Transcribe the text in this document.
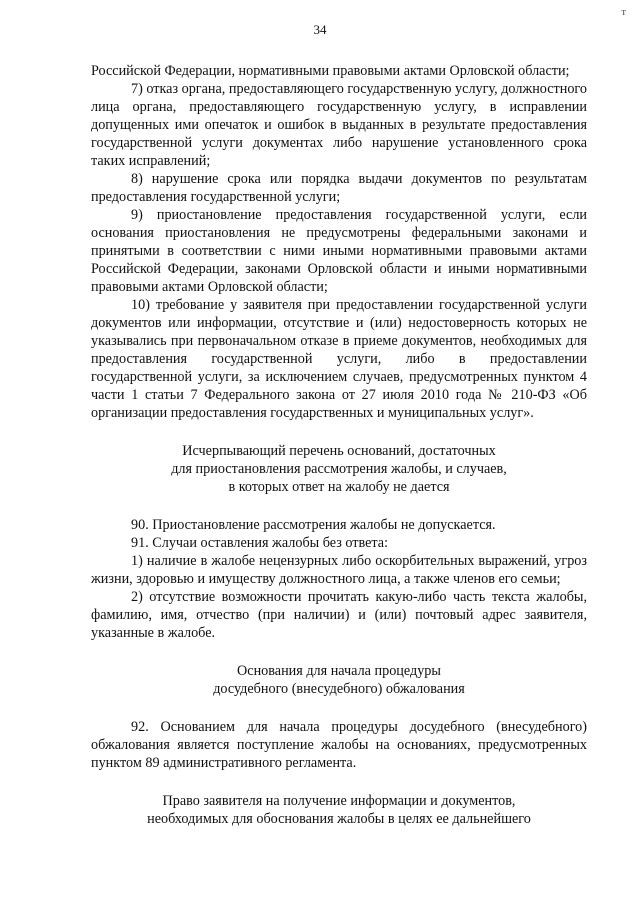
т
34

Российской Федерации, нормативными правовыми актами Орловской области;

7) отказ органа, предоставляющего государственную услугу, должностного лица органа, предоставляющего государственную услугу, в исправлении допущенных ими опечаток и ошибок в выданных в результате предоставления государственной услуги документах либо нарушение установленного срока таких исправлений;

8) нарушение срока или порядка выдачи документов по результатам предоставления государственной услуги;

9) приостановление предоставления государственной услуги, если основания приостановления не предусмотрены федеральными законами и принятыми в соответствии с ними иными нормативными правовыми актами Российской Федерации, законами Орловской области и иными нормативными правовыми актами Орловской области;

10) требование у заявителя при предоставлении государственной услуги документов или информации, отсутствие и (или) недостоверность которых не указывались при первоначальном отказе в приеме документов, необходимых для предоставления государственной услуги, либо в предоставлении государственной услуги, за исключением случаев, предусмотренных пунктом 4 части 1 статьи 7 Федерального закона от 27 июля 2010 года № 210-ФЗ «Об организации предоставления государственных и муниципальных услуг».

Исчерпывающий перечень оснований, достаточных
для приостановления рассмотрения жалобы, и случаев,
в которых ответ на жалобу не дается

90. Приостановление рассмотрения жалобы не допускается.

91. Случаи оставления жалобы без ответа:

1) наличие в жалобе нецензурных либо оскорбительных выражений, угроз жизни, здоровью и имуществу должностного лица, а также членов его семьи;

2) отсутствие возможности прочитать какую-либо часть текста жалобы, фамилию, имя, отчество (при наличии) и (или) почтовый адрес заявителя, указанные в жалобе.

Основания для начала процедуры
досудебного (внесудебного) обжалования

92. Основанием для начала процедуры досудебного (внесудебного) обжалования является поступление жалобы на основаниях, предусмотренных пунктом 89 административного регламента.

Право заявителя на получение информации и документов,
необходимых для обоснования жалобы в целях ее дальнейшего
